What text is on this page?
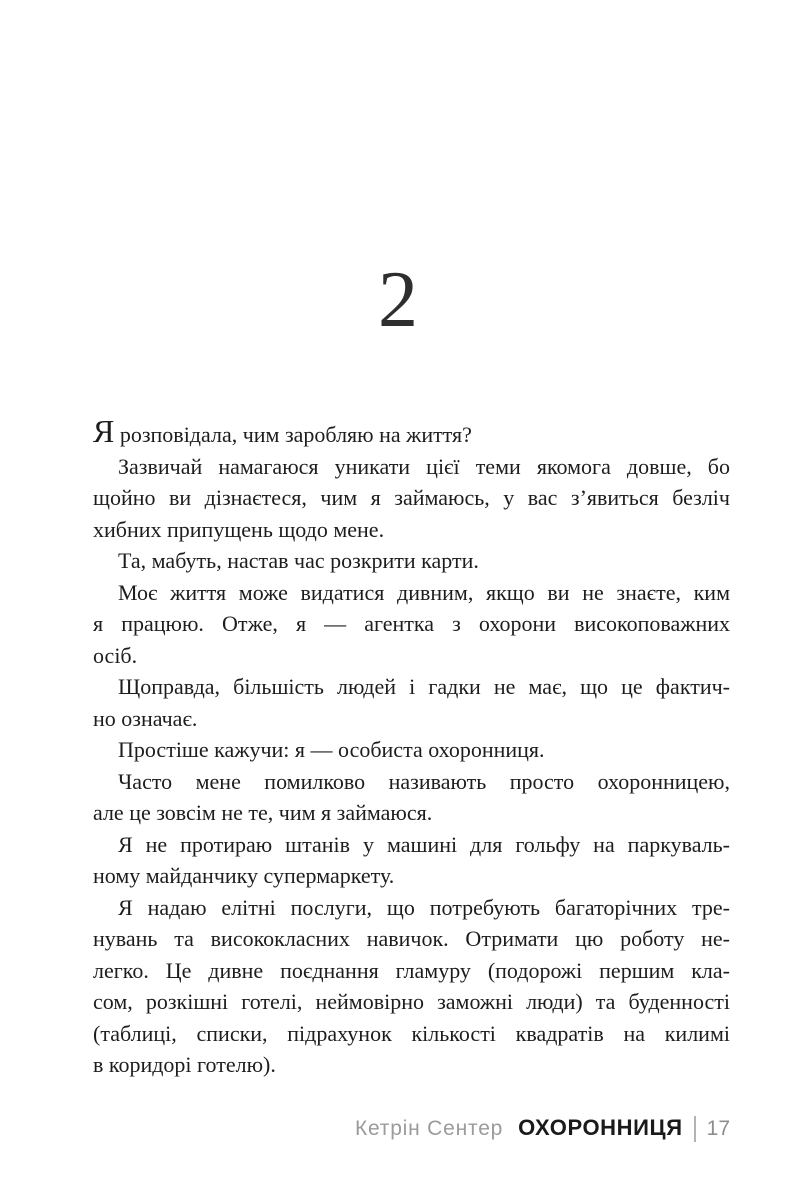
2
Я розповідала, чим заробляю на життя?
Зазвичай намагаюся уникати цієї теми якомога довше, бо
щойно ви дізнаєтеся, чим я займаюсь, у вас з’явиться безліч
хибних припущень щодо мене.
Та, мабуть, настав час розкрити карти.
Моє життя може видатися дивним, якщо ви не знаєте, ким
я працюю. Отже, я — агентка з охорони високоповажних
осіб.
Щоправда, більшість людей і гадки не має, що це фактич-
но означає.
Простіше кажучи: я — особиста охоронниця.
Часто мене помилково називають просто охоронницею,
але це зовсім не те, чим я займаюся.
Я не протираю штанів у машині для гольфу на паркуваль-
ному майданчику супермаркету.
Я надаю елітні послуги, що потребують багаторічних тре-
нувань та висококласних навичок. Отримати цю роботу не-
легко. Це дивне поєднання гламуру (подорожі першим кла-
сом, розкішні готелі, неймовірно заможні люди) та буденності
(таблиці, списки, підрахунок кількості квадратів на килимі
в коридорі готелю).
Кетрін Сентер ОХОРОННИЦЯ 17
